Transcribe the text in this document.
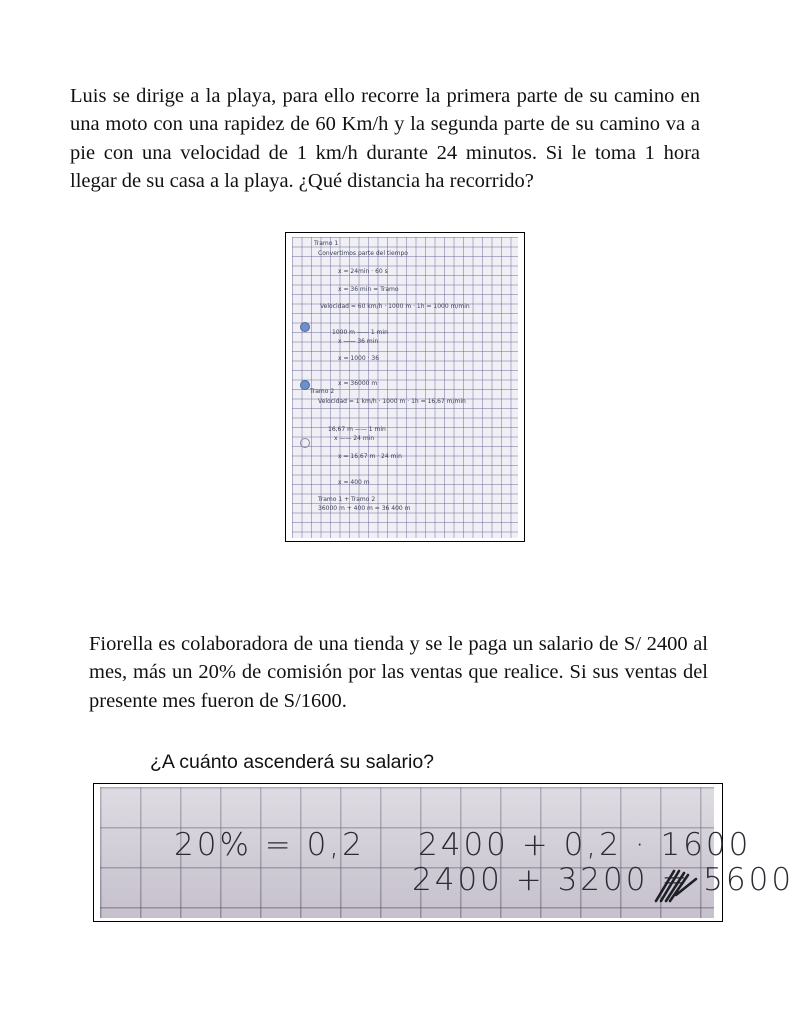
Luis se dirige a la playa, para ello recorre la primera parte de su camino en una moto con una rapidez de 60 Km/h y la segunda parte de su camino va a pie con una velocidad de 1 km/h durante 24 minutos. Si le toma 1 hora llegar de su casa a la playa. ¿Qué distancia ha recorrido?

Tramo 1
Convertimos parte del tiempo
x = 24min · 60 s
x = 36 min = Tramo
Velocidad = 60 km/h · 1000 m · 1h = 1000 m/min
1000 m —— 1 min
x —— 36 min
x = 1000 · 36
x = 36000 m
Tramo 2
Velocidad = 1 km/h · 1000 m · 1h = 16,67 m/min
16,67 m —— 1 min
x —— 24 min
x = 16,67 m · 24 min
x = 400 m
Tramo 1 + Tramo 2
36000 m + 400 m = 36 400 m

Fiorella es colaboradora de una tienda y se le paga un salario de S/ 2400 al mes, más un 20% de comisión por las ventas que realice. Si sus ventas del presente mes fueron de S/1600.

¿A cuánto ascenderá su salario?
20% = 0,2 2400 + 0,2 · 1600
2400 + 3200 = 5600
